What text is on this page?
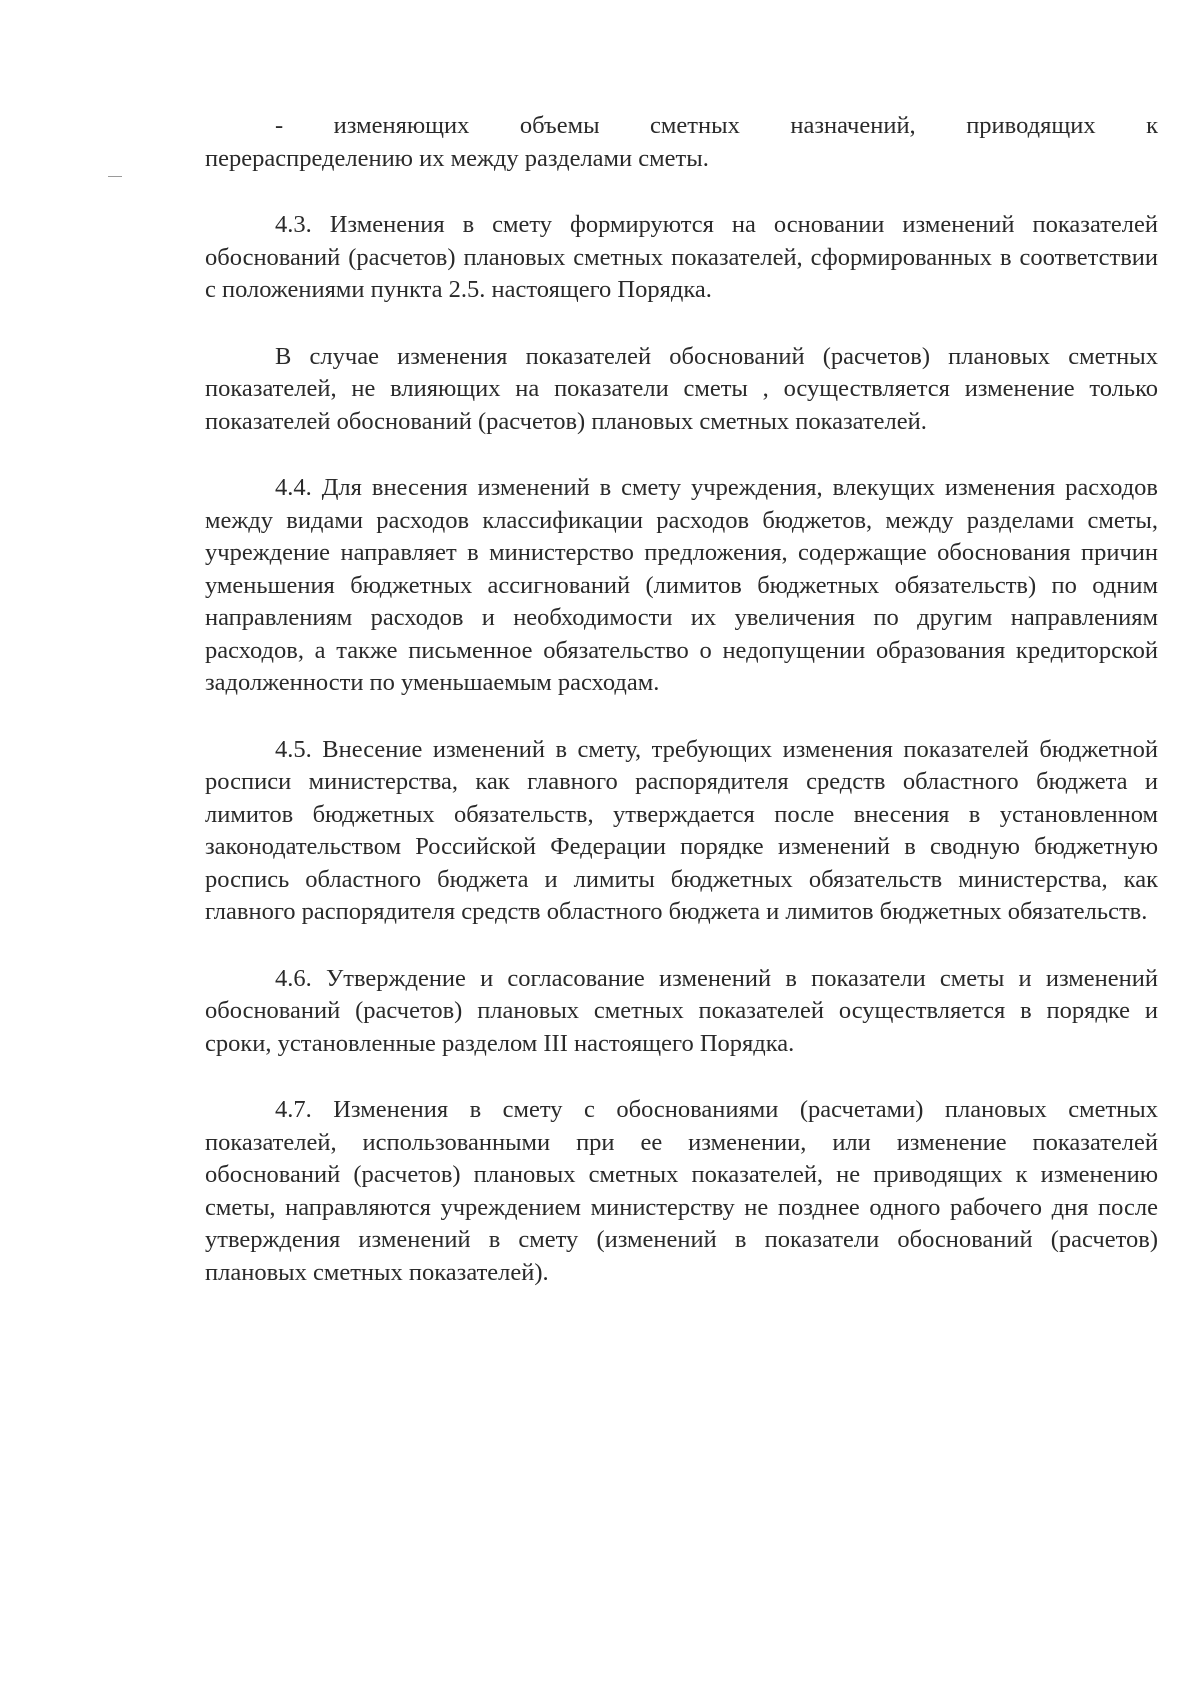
-      изменяющих      объемы      сметных      назначений,      приводящих      к перераспределению их между разделами сметы.

4.3. Изменения в смету формируются на основании изменений показателей обоснований (расчетов) плановых сметных показателей, сформированных в соответствии с положениями пункта 2.5. настоящего Порядка.

В случае изменения показателей обоснований (расчетов) плановых сметных показателей, не влияющих на показатели сметы , осуществляется изменение только показателей обоснований (расчетов) плановых сметных показателей.

4.4. Для внесения изменений в смету учреждения, влекущих изменения расходов между видами расходов классификации расходов бюджетов, между разделами сметы, учреждение направляет в министерство предложения, содержащие обоснования причин уменьшения бюджетных ассигнований (лимитов бюджетных обязательств) по одним направлениям расходов и необходимости их увеличения по другим направлениям расходов, а также письменное обязательство о недопущении образования кредиторской задолженности по уменьшаемым расходам.

4.5. Внесение изменений в смету, требующих изменения показателей бюджетной росписи министерства, как главного распорядителя средств областного бюджета и лимитов бюджетных обязательств, утверждается после внесения в установленном законодательством Российской Федерации порядке изменений в сводную бюджетную роспись областного бюджета и лимиты бюджетных обязательств министерства, как главного распорядителя средств областного бюджета и лимитов бюджетных обязательств.

4.6. Утверждение и согласование изменений в показатели сметы и изменений обоснований (расчетов) плановых сметных показателей осуществляется в порядке и сроки, установленные разделом III настоящего Порядка.

4.7. Изменения в смету с обоснованиями (расчетами) плановых сметных показателей, использованными при ее изменении, или изменение показателей обоснований (расчетов) плановых сметных показателей, не приводящих к изменению сметы, направляются учреждением министерству не позднее одного рабочего дня после утверждения изменений в смету (изменений в показатели обоснований (расчетов) плановых сметных показателей).
